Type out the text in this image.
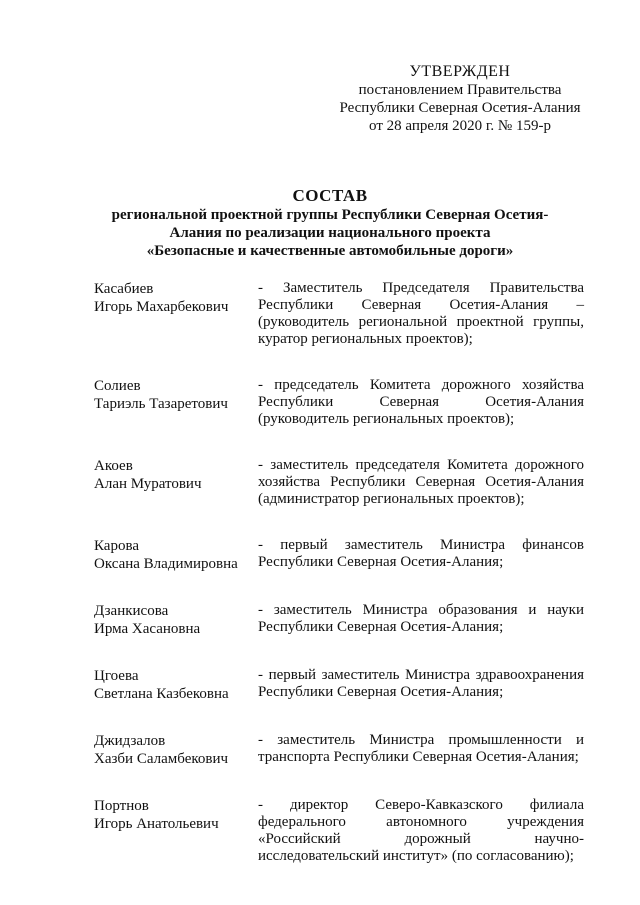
УТВЕРЖДЕН
постановлением Правительства
Республики Северная Осетия-Алания
от 28 апреля 2020 г. № 159-р
СОСТАВ
региональной проектной группы Республики Северная Осетия-
Алания по реализации национального проекта
«Безопасные и качественные автомобильные дороги»
Касабиев
Игорь Махарбекович
- Заместитель Председателя Правительства Республики Северная Осетия-Алания – (руководитель региональной проектной группы, куратор региональных проектов);
Солиев
Тариэль Тазаретович
- председатель Комитета дорожного хозяйства Республики Северная Осетия-Алания (руководитель региональных проектов);
Акоев
Алан Муратович
- заместитель председателя Комитета дорожного хозяйства Республики Северная Осетия-Алания (администратор региональных проектов);
Карова
Оксана Владимировна
- первый заместитель Министра финансов Республики Северная Осетия-Алания;
Дзанкисова
Ирма Хасановна
- заместитель Министра образования и науки Республики Северная Осетия-Алания;
Цгоева
Светлана Казбековна
- первый заместитель Министра здравоохранения Республики Северная Осетия-Алания;
Джидзалов
Хазби Саламбекович
- заместитель Министра промышленности и транспорта Республики Северная Осетия-Алания;
Портнов
Игорь Анатольевич
- директор Северо-Кавказского филиала федерального автономного учреждения «Российский дорожный научно-исследовательский институт» (по согласованию);
